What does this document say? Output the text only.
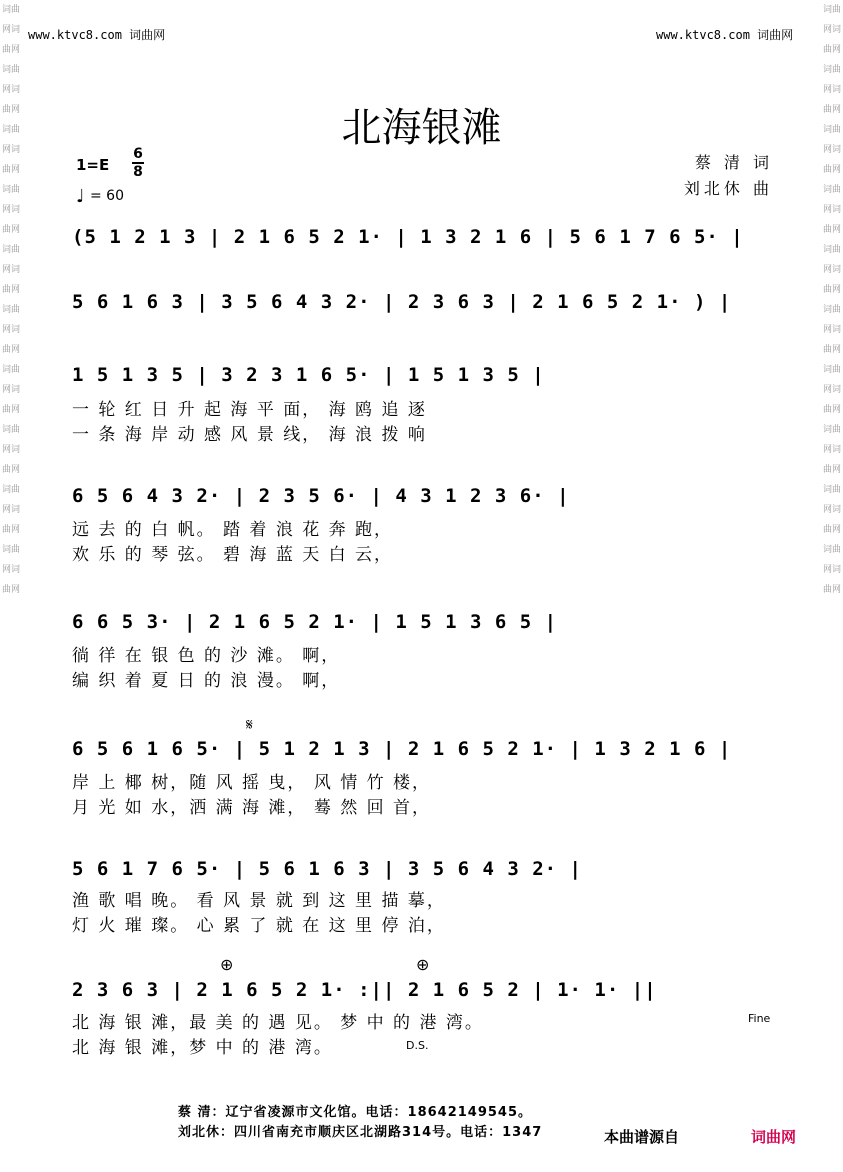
词曲网词曲网词曲网词曲网词曲网词曲网词曲网词曲网词曲网词曲网词曲网词曲网词曲网词曲网词曲网词曲网词曲网词曲网词曲网词曲网
词曲网词曲网词曲网词曲网词曲网词曲网词曲网词曲网词曲网词曲网词曲网词曲网词曲网词曲网词曲网词曲网词曲网词曲网词曲网词曲网
www.ktvc8.com 词曲网	www.ktvc8.com 词曲网
北海银滩
1=E
6
8
♩ = 60
蔡 清 词
刘北休 曲
(5 1 2 1 3 | 2 1 6 5 2 1· | 1 3 2 1 6 | 5 6 1 7 6 5· |
5 6 1 6 3 | 3 5 6 4 3 2· | 2 3 6 3 | 2 1 6 5 2 1· ) |
1 5 1 3 5 | 3 2 3 1 6 5· | 1 5 1 3 5 |
一 轮 红 日 升 起 海 平 面， 海 鸥 追 逐
一 条 海 岸 动 感 风 景 线， 海 浪 拨 响
6 5 6 4 3 2· | 2 3 5 6· | 4 3 1 2 3 6· |
远 去 的 白 帆。 踏 着 浪 花 奔 跑，
欢 乐 的 琴 弦。 碧 海 蓝 天 白 云，
6 6 5 3· | 2 1 6 5 2 1· | 1 5 1 3 6 5 |
徜 徉 在 银 色 的 沙 滩。 啊，
编 织 着 夏 日 的 浪 漫。 啊，
𝄋
6 5 6 1 6 5· | 5 1 2 1 3 | 2 1 6 5 2 1· | 1 3 2 1 6 |
岸 上 椰 树，随 风 摇 曳， 风 情 竹 楼，
月 光 如 水，洒 满 海 滩， 蓦 然 回 首，
5 6 1 7 6 5· | 5 6 1 6 3 | 3 5 6 4 3 2· |
渔 歌 唱 晚。 看 风 景 就 到 这 里 描 摹，
灯 火 璀 璨。 心 累 了 就 在 这 里 停 泊，
⊕	⊕
2 3 6 3 | 2 1 6 5 2 1· :|| 2 1 6 5 2 | 1· 1· ||
北 海 银 滩，最 美 的 遇 见。 梦 中 的 港 湾。
北 海 银 滩，梦 中 的 港 湾。
Fine
D.S.
蔡 清：辽宁省凌源市文化馆。电话：18642149545。
刘北休：四川省南充市顺庆区北湖路314号。电话：1347	本曲谱源自	词曲网
